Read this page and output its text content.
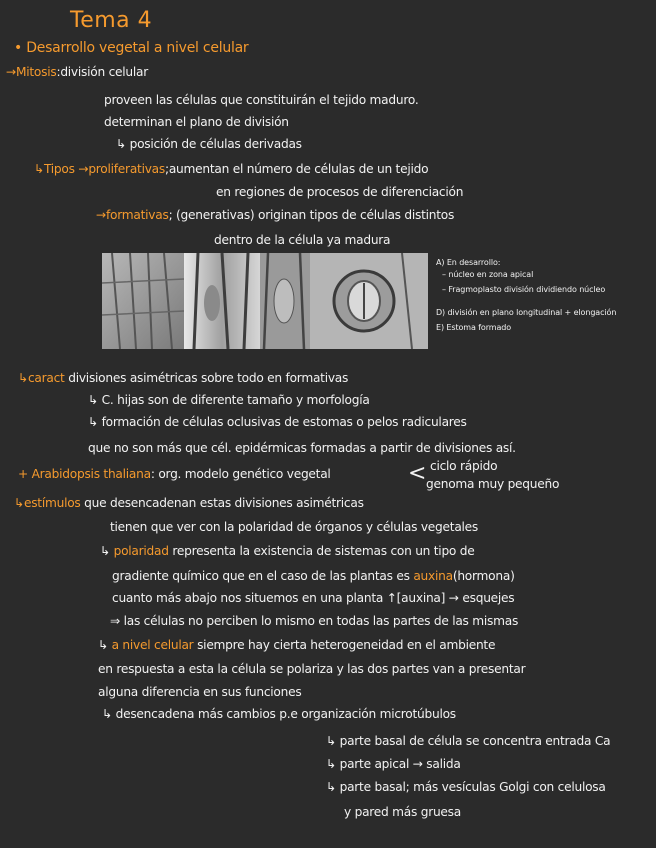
Tema 4
• Desarrollo vegetal a nivel celular
→Mitosis:división celular
proveen las células que constituirán el tejido maduro.
determinan el plano de división
↳ posición de células derivadas
↳Tipos →proliferativas;aumentan el número de células de un tejido
en regiones de procesos de diferenciación
→formativas; (generativas) originan tipos de células distintos
dentro de la célula ya madura
A) En desarrollo:
– núcleo en zona apical
– Fragmoplasto división dividiendo núcleo
D) división en plano longitudinal + elongación
E) Estoma formado
↳caract divisiones asimétricas sobre todo en formativas
↳ C. hijas son de diferente tamaño y morfología
↳ formación de células oclusivas de estomas o pelos radiculares
que no son más que cél. epidérmicas formadas a partir de divisiones así.
+ Arabidopsis thaliana: org. modelo genético vegetal	< ciclo rápido
genoma muy pequeño
↳estímulos que desencadenan estas divisiones asimétricas
tienen que ver con la polaridad de órganos y células vegetales
↳ polaridad representa la existencia de sistemas con un tipo de
gradiente químico que en el caso de las plantas es auxina(hormona)
cuanto más abajo nos situemos en una planta ↑[auxina] → esquejes
⇒ las células no perciben lo mismo en todas las partes de las mismas
↳ a nivel celular siempre hay cierta heterogeneidad en el ambiente
en respuesta a esta la célula se polariza y las dos partes van a presentar
alguna diferencia en sus funciones
↳ desencadena más cambios p.e organización microtúbulos
↳ parte basal de célula se concentra entrada Ca
↳ parte apical → salida
↳ parte basal; más vesículas Golgi con celulosa
y pared más gruesa
